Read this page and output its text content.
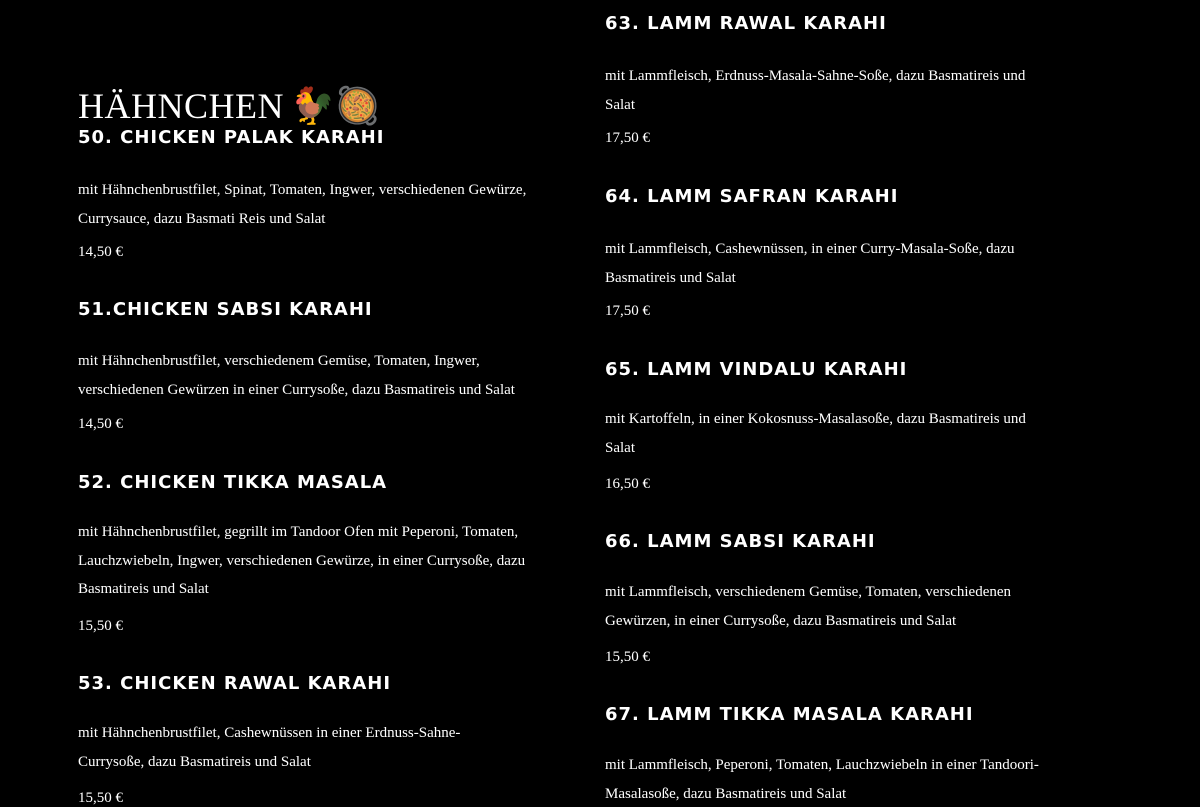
HÄHNCHEN 🐓🥘
50. CHICKEN PALAK KARAHI

mit Hähnchenbrustfilet, Spinat, Tomaten, Ingwer, verschiedenen Gewürze, Currysauce, dazu Basmati Reis und Salat

14,50 €

51.CHICKEN SABSI KARAHI

mit Hähnchenbrustfilet, verschiedenem Gemüse, Tomaten, Ingwer, verschiedenen Gewürzen in einer Currysoße, dazu Basmatireis und Salat

14,50 €

52. CHICKEN TIKKA MASALA

mit Hähnchenbrustfilet, gegrillt im Tandoor Ofen mit Peperoni, Tomaten, Lauchzwiebeln, Ingwer, verschiedenen Gewürze, in einer Currysoße, dazu Basmatireis und Salat

15,50 €

53. CHICKEN RAWAL KARAHI

mit Hähnchenbrustfilet, Cashewnüssen in einer Erdnuss-Sahne-Currysoße, dazu Basmatireis und Salat

15,50 €

63. LAMM RAWAL KARAHI

mit Lammfleisch, Erdnuss-Masala-Sahne-Soße, dazu Basmatireis und Salat

17,50 €

64. LAMM SAFRAN KARAHI

mit Lammfleisch, Cashewnüssen, in einer Curry-Masala-Soße, dazu Basmatireis und Salat

17,50 €

65. LAMM VINDALU KARAHI

mit Kartoffeln, in einer Kokosnuss-Masalasoße, dazu Basmatireis und Salat

16,50 €

66. LAMM SABSI KARAHI

mit Lammfleisch, verschiedenem Gemüse, Tomaten, verschiedenen Gewürzen, in einer Currysoße, dazu Basmatireis und Salat

15,50 €

67. LAMM TIKKA MASALA KARAHI

mit Lammfleisch, Peperoni, Tomaten, Lauchzwiebeln in einer Tandoori-Masalasoße, dazu Basmatireis und Salat
